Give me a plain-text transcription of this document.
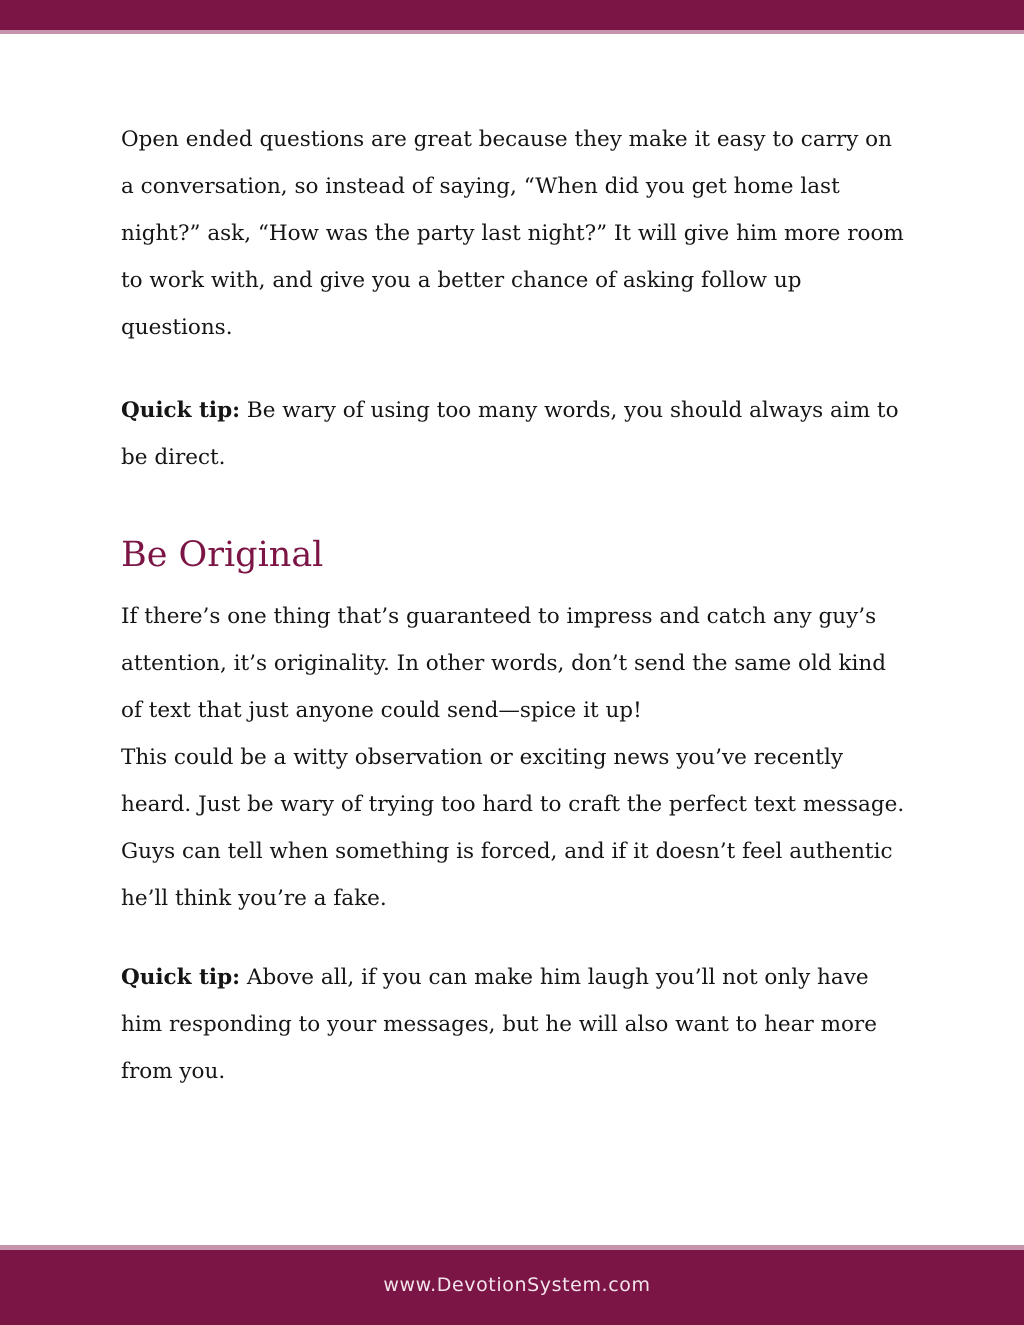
Open ended questions are great because they make it easy to carry on a conversation, so instead of saying, “When did you get home last night?” ask, “How was the party last night?” It will give him more room to work with, and give you a better chance of asking follow up questions.

Quick tip: Be wary of using too many words, you should always aim to be direct.

Be Original

If there’s one thing that’s guaranteed to impress and catch any guy’s attention, it’s originality. In other words, don’t send the same old kind of text that just anyone could send—spice it up!

This could be a witty observation or exciting news you’ve recently heard. Just be wary of trying too hard to craft the perfect text message. Guys can tell when something is forced, and if it doesn’t feel authentic he’ll think you’re a fake.

Quick tip: Above all, if you can make him laugh you’ll not only have him responding to your messages, but he will also want to hear more from you.

www.DevotionSystem.com
